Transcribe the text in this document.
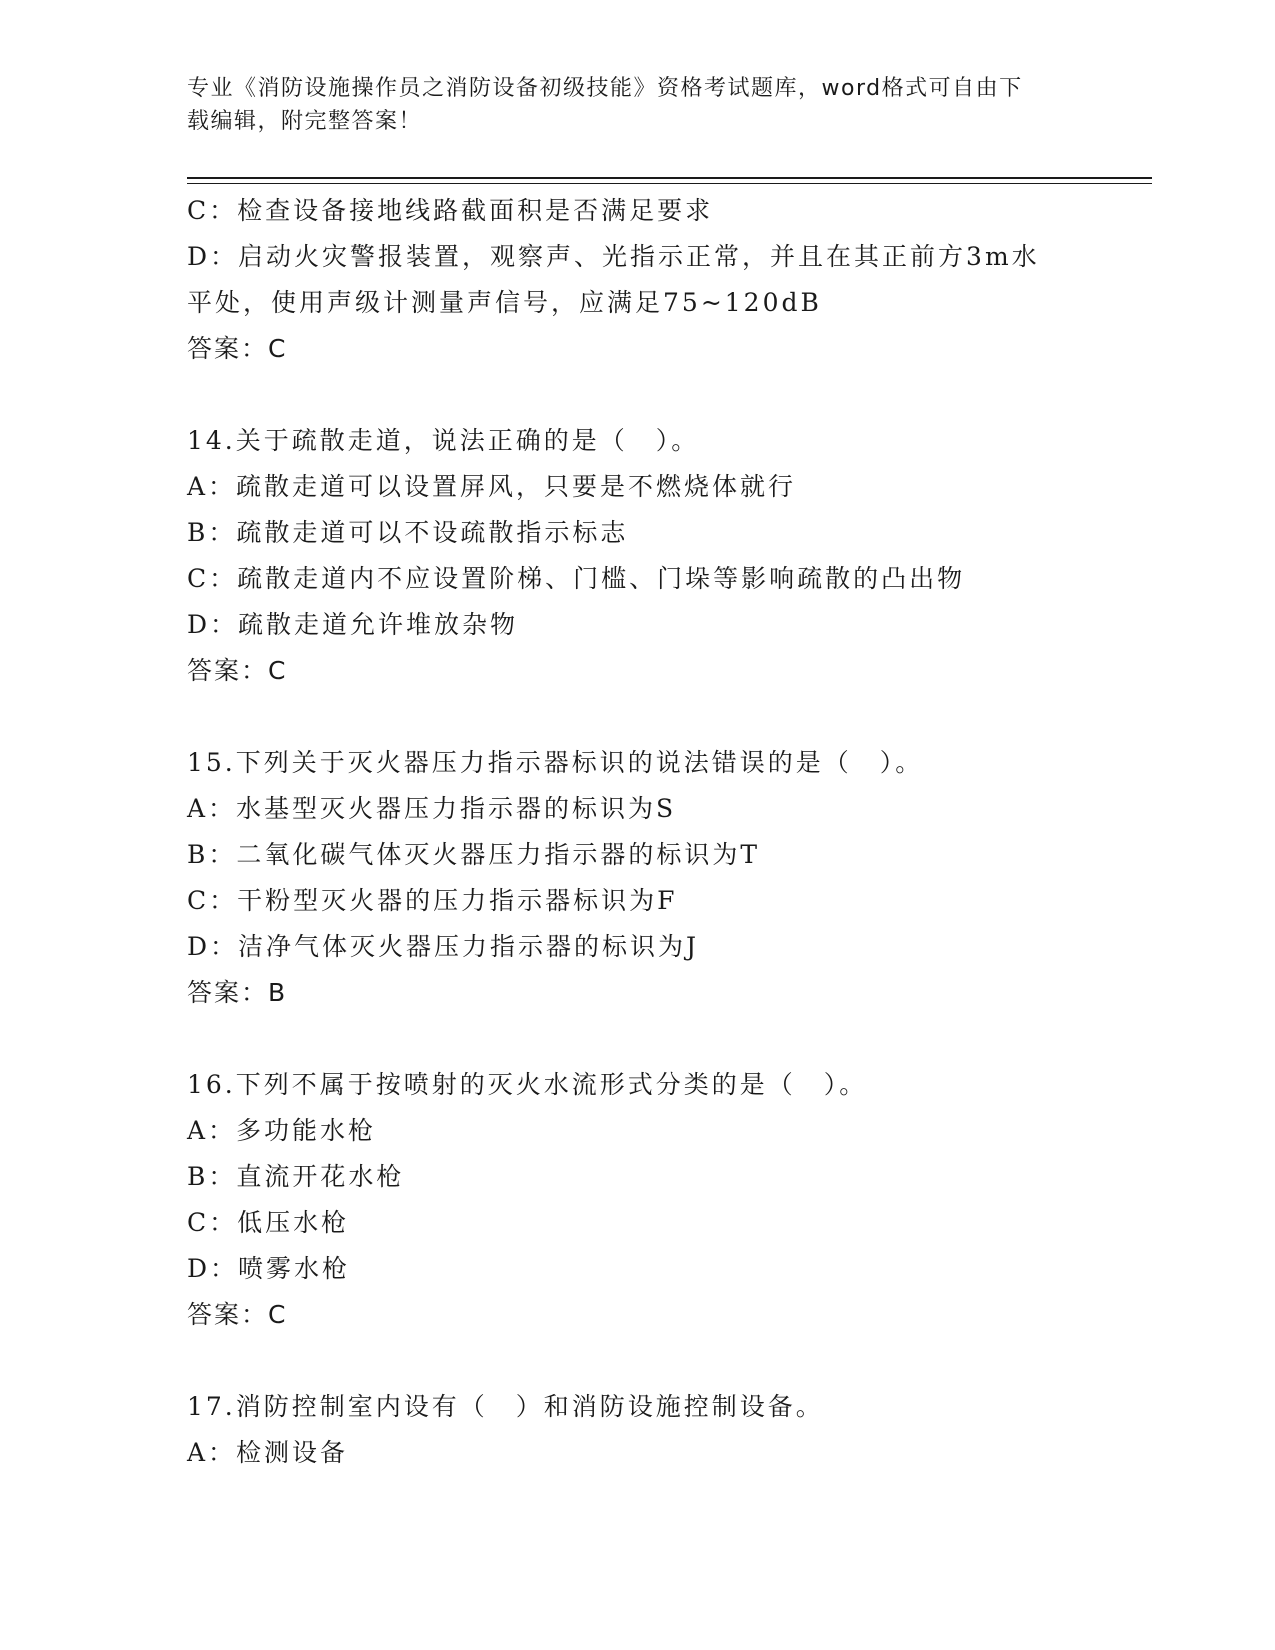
专业《消防设施操作员之消防设备初级技能》资格考试题库，word格式可自由下
载编辑，附完整答案！
C：检查设备接地线路截面积是否满足要求
D：启动火灾警报装置，观察声、光指示正常，并且在其正前方3m水
平处，使用声级计测量声信号，应满足75~120dB
答案：C
14.关于疏散走道，说法正确的是（　）。
A：疏散走道可以设置屏风，只要是不燃烧体就行
B：疏散走道可以不设疏散指示标志
C：疏散走道内不应设置阶梯、门槛、门垛等影响疏散的凸出物
D：疏散走道允许堆放杂物
答案：C
15.下列关于灭火器压力指示器标识的说法错误的是（　）。
A：水基型灭火器压力指示器的标识为S
B：二氧化碳气体灭火器压力指示器的标识为T
C：干粉型灭火器的压力指示器标识为F
D：洁净气体灭火器压力指示器的标识为J
答案：B
16.下列不属于按喷射的灭火水流形式分类的是（　）。
A：多功能水枪
B：直流开花水枪
C：低压水枪
D：喷雾水枪
答案：C
17.消防控制室内设有（　）和消防设施控制设备。
A：检测设备
